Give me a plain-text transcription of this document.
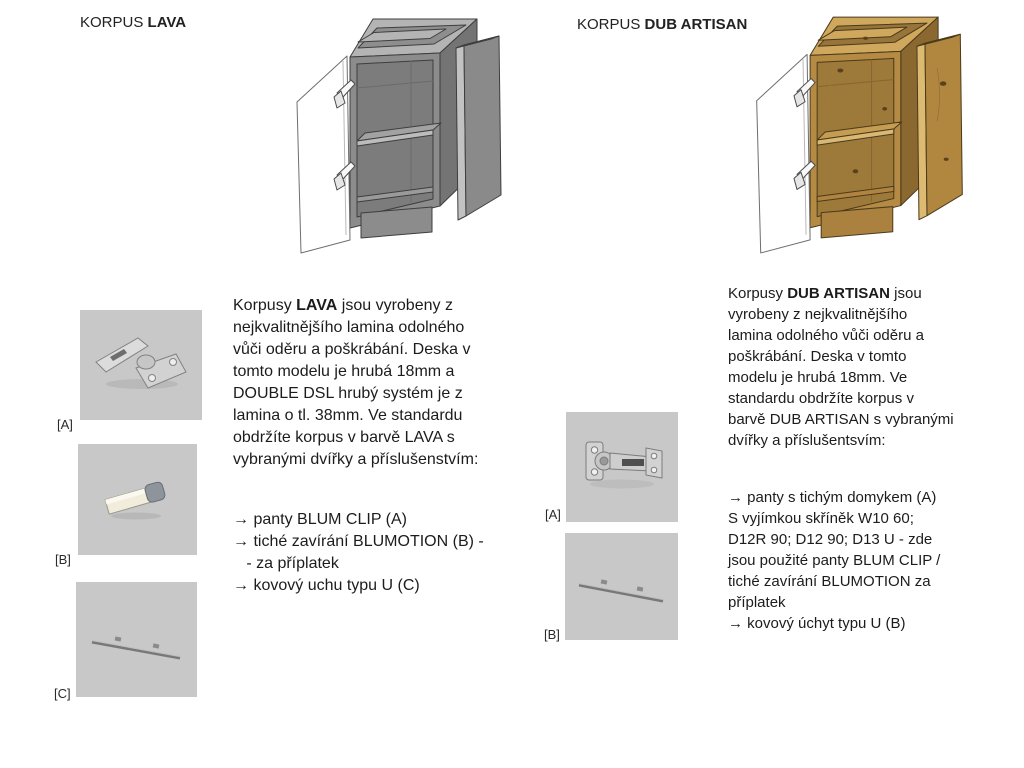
KORPUS LAVA
Korpusy LAVA jsou vyrobeny z
nejkvalitnějšího lamina odolného
vůči oděru a poškrábání. Deska v
tomto modelu je hrubá 18mm a
DOUBLE DSL hrubý systém je z
lamina o tl. 38mm. Ve standardu
obdržíte korpus v barvě LAVA s
vybranými dvířky a příslušenstvím:
→ panty BLUM CLIP (A)
→ tiché zavírání BLUMOTION (B) -
- za příplatek
→ kovový uchu typu U (C)
[A]
[B]
[C]
KORPUS DUB ARTISAN
Korpusy DUB ARTISAN jsou
vyrobeny z nejkvalitnějšího
lamina odolného vůči oděru a
poškrábání. Deska v tomto
modelu je hrubá 18mm. Ve
standardu obdržíte korpus v
barvě DUB ARTISAN s vybranými
dvířky a příslušentsvím:
→ panty s tichým domykem (A)
S vyjímkou skříněk W10 60;
D12R 90; D12 90; D13 U - zde
jsou použité panty BLUM CLIP /
tiché zavírání BLUMOTION za
příplatek
→ kovový úchyt typu U (B)
[A]
[B]
